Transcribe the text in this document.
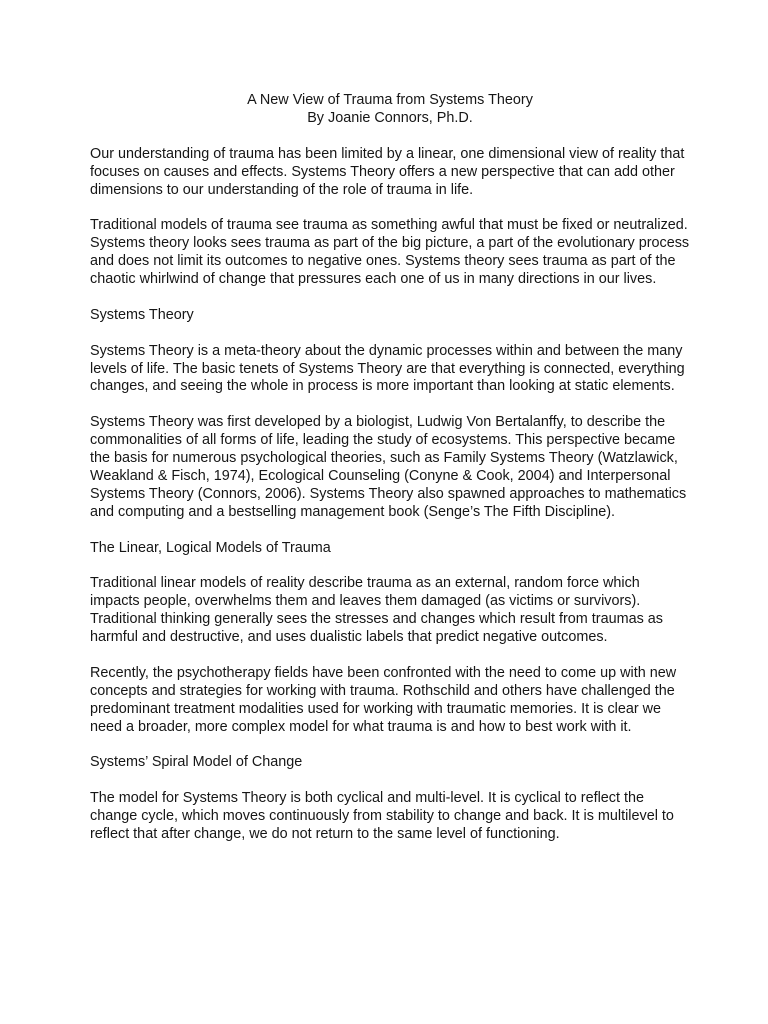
A New View of Trauma from Systems Theory
By Joanie Connors, Ph.D.

Our understanding of trauma has been limited by a linear, one dimensional view of reality that focuses on causes and effects. Systems Theory offers a new perspective that can add other dimensions to our understanding of the role of trauma in life.

Traditional models of trauma see trauma as something awful that must be fixed or neutralized. Systems theory looks sees trauma as part of the big picture, a part of the evolutionary process and does not limit its outcomes to negative ones. Systems theory sees trauma as part of the chaotic whirlwind of change that pressures each one of us in many directions in our lives.

Systems Theory

Systems Theory is a meta-theory about the dynamic processes within and between the many levels of life. The basic tenets of Systems Theory are that everything is connected, everything changes, and seeing the whole in process is more important than looking at static elements.

Systems Theory was first developed by a biologist, Ludwig Von Bertalanffy, to describe the commonalities of all forms of life, leading the study of ecosystems. This perspective became the basis for numerous psychological theories, such as Family Systems Theory (Watzlawick, Weakland & Fisch, 1974), Ecological Counseling (Conyne & Cook, 2004) and Interpersonal Systems Theory (Connors, 2006). Systems Theory also spawned approaches to mathematics and computing and a bestselling management book (Senge’s The Fifth Discipline).

The Linear, Logical Models of Trauma

Traditional linear models of reality describe trauma as an external, random force which impacts people, overwhelms them and leaves them damaged (as victims or survivors). Traditional thinking generally sees the stresses and changes which result from traumas as harmful and destructive, and uses dualistic labels that predict negative outcomes.

Recently, the psychotherapy fields have been confronted with the need to come up with new concepts and strategies for working with trauma. Rothschild and others have challenged the predominant treatment modalities used for working with traumatic memories. It is clear we need a broader, more complex model for what trauma is and how to best work with it.

Systems’ Spiral Model of Change

The model for Systems Theory is both cyclical and multi-level. It is cyclical to reflect the change cycle, which moves continuously from stability to change and back. It is multilevel to reflect that after change, we do not return to the same level of functioning.
